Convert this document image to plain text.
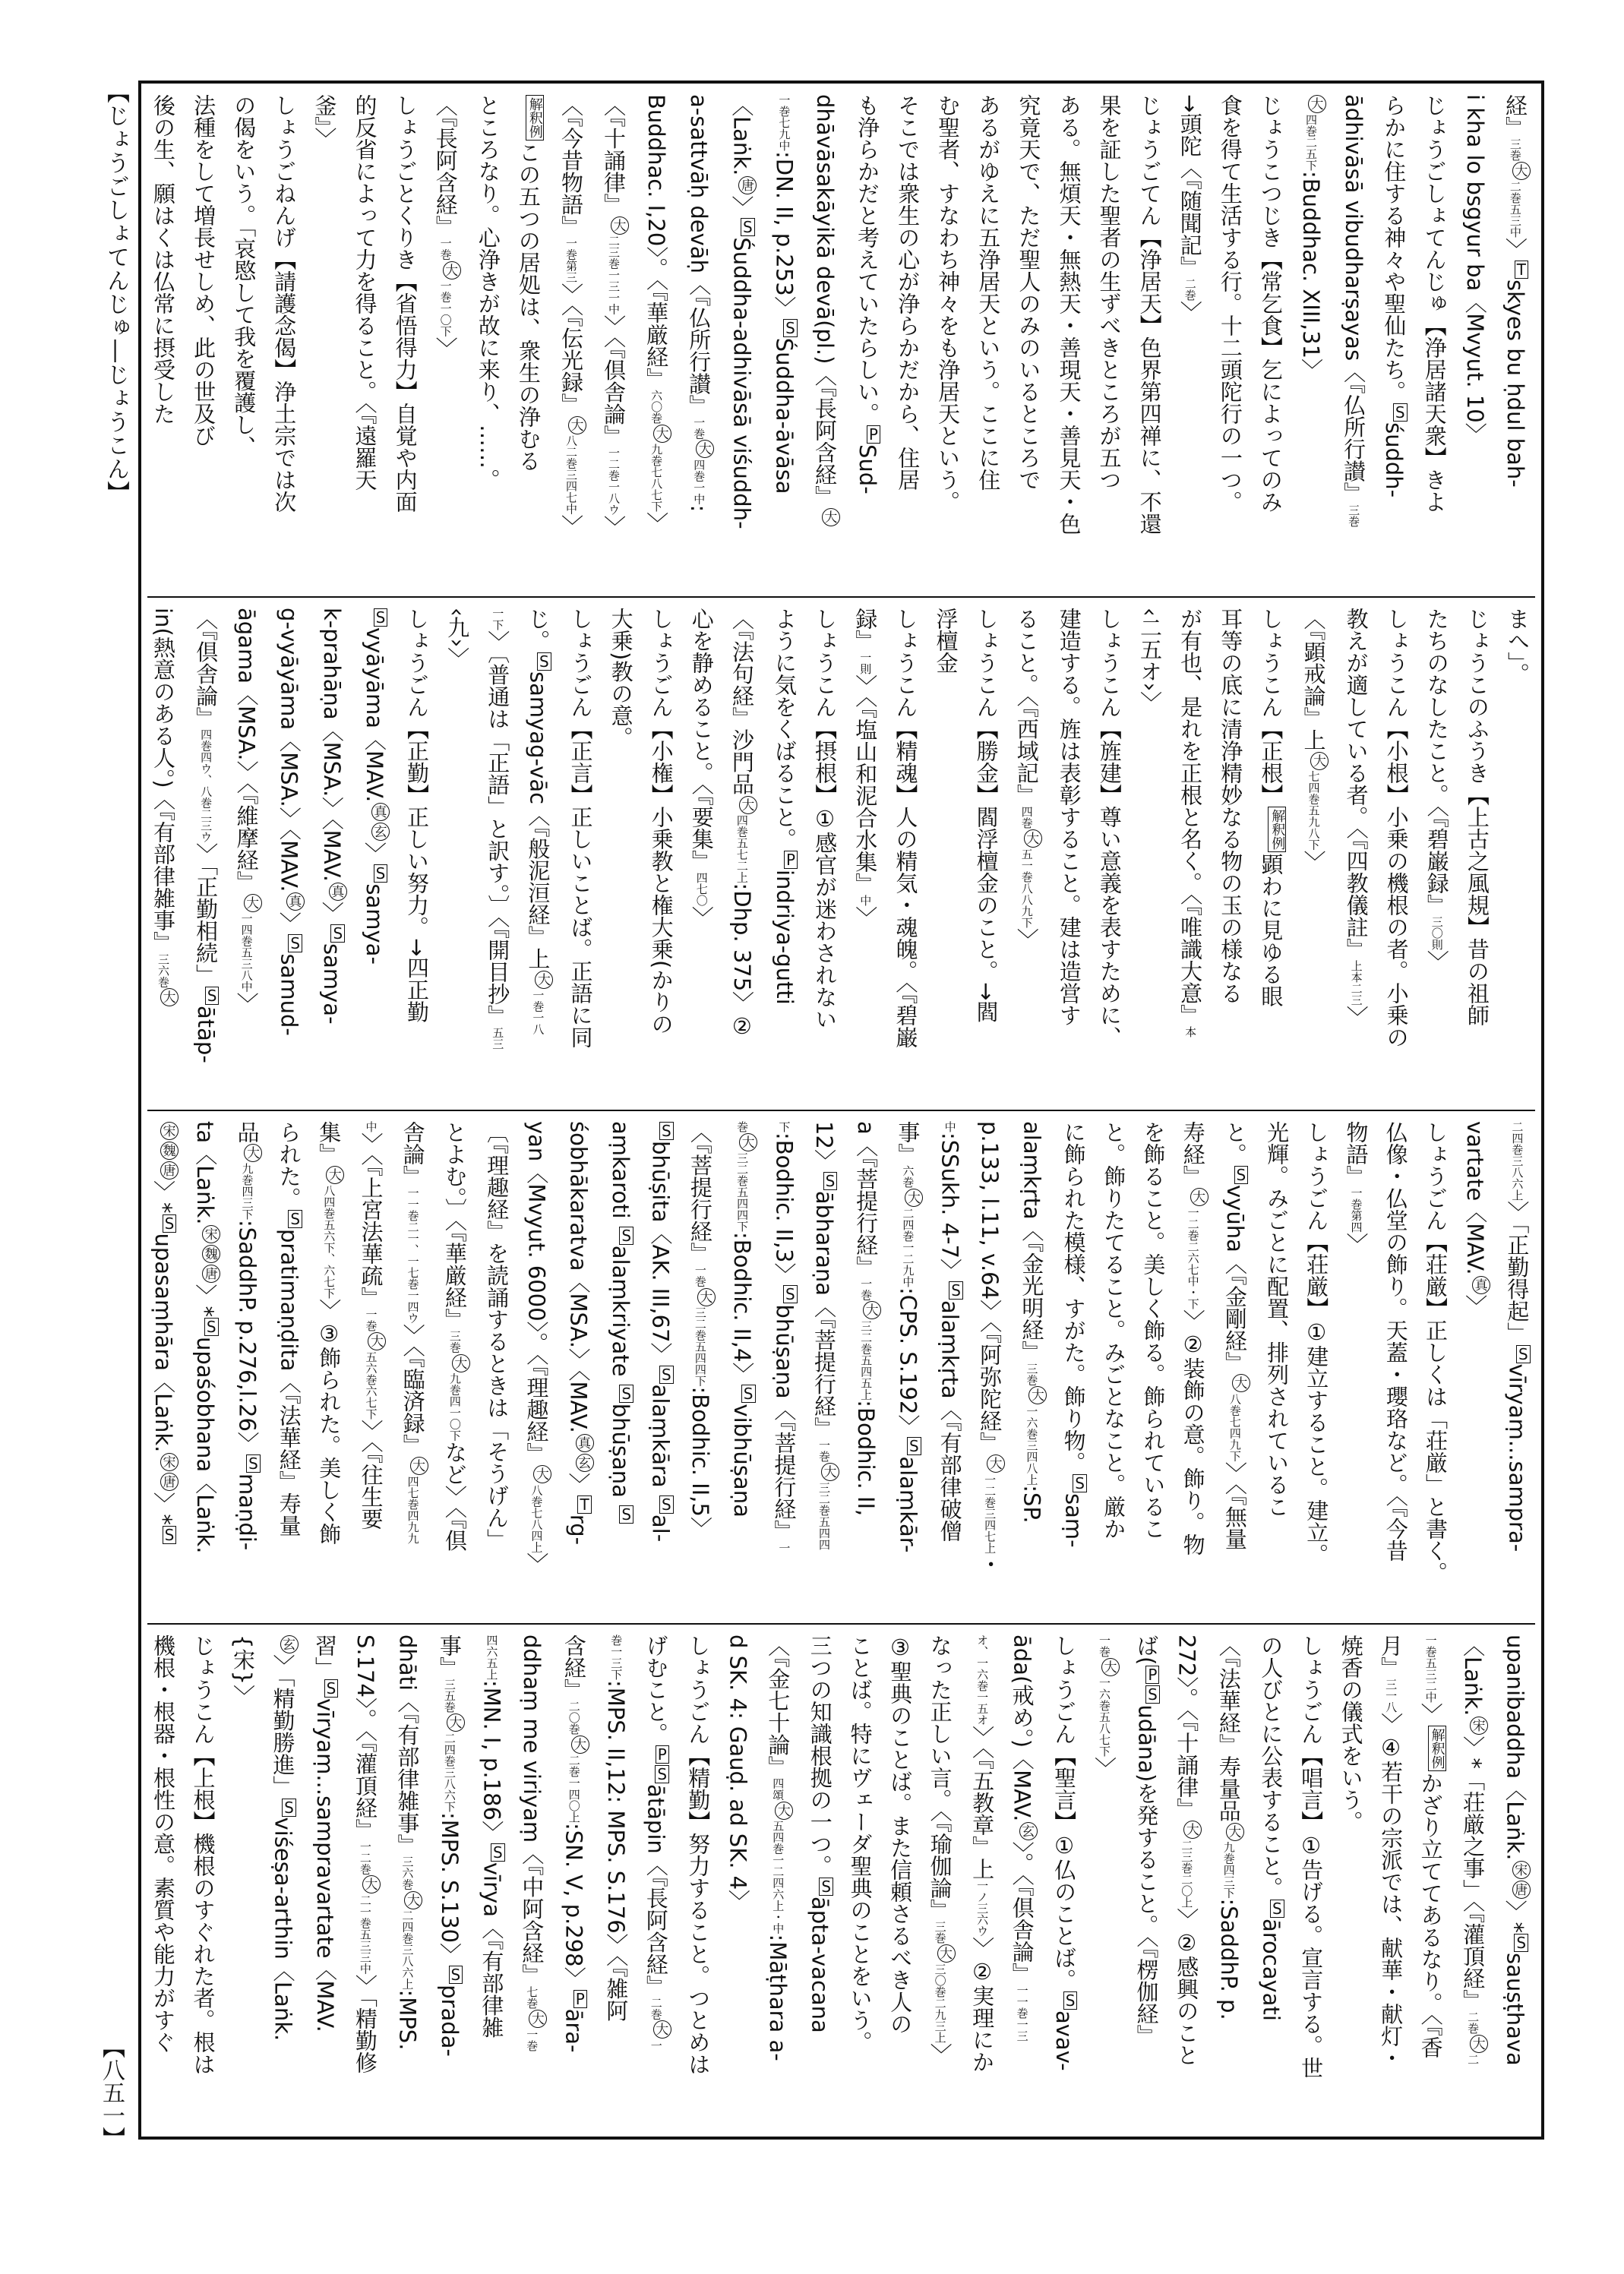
【じょうごしょてんじゅ―じょうこん】
【八五一】
経』三巻大二巻五三中〉Tskyes bu ḥdul bah-
i kha lo bsgyur ba〈Mvyut. 10〉
じょうごしょてんじゅ【浄居諸天衆】きよ
らかに住する神々や聖仙たち。Sśuddh-
ādhivāsā vibudharṣayas〈『仏所行讃』三巻
大四巻二五下:Buddhac. XIII,31〉
じょうこつじき【常乞食】乞によってのみ
食を得て生活する行。十二頭陀行の一つ。
→頭陀〈『随聞記』二巻〉
じょうごてん【浄居天】色界第四禅に、不還
果を証した聖者の生ずべきところが五つ
ある。無煩天・無熱天・善現天・善見天・色
究竟天で、ただ聖人のみのいるところで
あるがゆえに五浄居天という。ここに住
む聖者、すなわち神々をも浄居天という。
そこでは衆生の心が浄らかだから、住居
も浄らかだと考えていたらしい。PSud-
dhāvāsakāyikā devā(pl.)〈『長阿含経』大
一巻七九中:DN. II, p.253〉SŚuddha-āvāsa
〈Laṅk.唐〉SŚuddha-adhivāsā viśuddh-
a-sattvāḥ devāḥ〈『仏所行讃』一巻大四巻一中:
Buddhac. I,20〉。〈『華厳経』六〇巻大九巻七八七下〉
〈『十誦律』大二三巻一三一中〉〈『倶舎論』一二巻一八ウ〉
〈『今昔物語』一巻第三〉〈『伝光録』大八二巻三四七中〉
解釈例この五つの居処は、衆生の浄むる
ところなり。心浄きが故に来り、……。
〈『長阿含経』一巻大一巻一〇下〉
しょうごとくりき【省悟得力】自覚や内面
的反省によって力を得ること。〈『遠羅天
釜』〉
しょうごねんげ【請護念偈】浄土宗では次
の偈をいう。「哀愍して我を覆護し、
法種をして増長せしめ、此の世及び
後の生、願はくは仏常に摂受した
まへ」。
じょうこのふうき【上古之風規】昔の祖師
たちのなしたこと。〈『碧巌録』三〇則〉
しょうこん【小根】小乗の機根の者。小乗の
教えが適している者。〈『四教儀註』上本二三〉
〈『顕戒論』上大七四巻五九八下〉
しょうこん【正根】解釈例顕わに見ゆる眼
耳等の底に清浄精妙なる物の玉の様なる
が有也、是れを正根と名く。〈『唯識大意』本
‹二五オ›〉
しょうこん【旌建】尊い意義を表すために、
建造する。旌は表彰すること。建は造営す
ること。〈『西域記』四巻大五一巻八八九下〉
しょうこん【勝金】閻浮檀金のこと。→閻
浮檀金
しょうこん【精魂】人の精気・魂魄。〈『碧巌
録』一則〉〈『塩山和泥合水集』中〉
しょうこん【摂根】①感官が迷わされない
ように気をくばること。Pindriya-gutti
〈『法句経』沙門品大四巻五七二上:Dhp. 375〉②
心を静めること。〈『要集』四七〇〉
しょうごん【小権】小乗教と権大乗(かりの
大乗)教の意。
しょうごん【正言】正しいことば。正語に同
じ。Ssamyag-vāc〈『般泥洹経』上大一巻一八
一下〉〔普通は「正語」と訳す。〕〈『開目抄』五三
‹九›〉
しょうごん【正勤】正しい努力。→四正勤
Svyāyāma〈MAV.真玄〉Ssamya-
k-prahāṇa〈MSA.〉〈MAV.真〉Ssamya-
g-vyāyāma〈MSA.〉〈MAV.真〉Ssamud-
āgama〈MSA.〉〈『維摩経』大一四巻五三八中〉
〈『倶舎論』四巻四ウ、八巻二三ウ〉「正勤相続」Sātāp-
in(熱意のある人。)〈『有部律雑事』三六巻大
二四巻三八六上〉「正勤得起」Svīryaṃ...sampra-
vartate〈MAV.真〉
しょうごん【荘厳】正しくは「荘厳」と書く。
仏像・仏堂の飾り。天蓋・瓔珞など。〈『今昔
物語』一巻第四〉
しょうごん【荘厳】①建立すること。建立。
光輝。みごとに配置、排列されているこ
と。Svyūha〈『金剛経』大八巻七四九下〉〈『無量
寿経』大一二巻二六七中・下〉②装飾の意。飾り。物
を飾ること。美しく飾る。飾られているこ
と。飾りたてること。みごとなこと。厳か
に飾られた模様、すがた。飾り物。Ssaṃ-
alaṃkṛta〈『金光明経』三巻大一六巻三四八上:SP.
p.133, l.11, v.64〉〈『阿弥陀経』大一二巻三四七上・
中:SSukh. 4-7〉Salaṃkṛta〈『有部律破僧
事』六巻大二四巻一二九中:CPS. S.192〉Salaṃkār-
a〈『菩提行経』一巻大三二巻五四五上:Bodhic. II,
12〉Sābharaṇa〈『菩提行経』一巻大三二巻五四四
下:Bodhic. II,3〉Sbhūṣaṇa〈『菩提行経』一
巻大三二巻五四四下:Bodhic. II,4〉Svibhūṣaṇa
〈『菩提行経』一巻大三二巻五四四下:Bodhic. II,5〉
Sbhūṣita〈AK. III,67〉Salaṃkāra Sal-
aṃkaroti Salaṃkriyate Sbhūṣaṇa S
śobhākaratva〈MSA.〉〈MAV.真玄〉Trg-
yan〈Mvyut. 6000〉。〈『理趣経』大八巻七八四上〉
〔『理趣経』を読誦するときは「そうげん」
とよむ。〕〈『華厳経』三巻大九巻四一〇下など〉〈『倶
舎論』一一巻二一、一七巻一四ウ〉〈『臨済録』大四七巻四九九
中〉〈『上宮法華疏』一巻大五六巻六七下〉〈『往生要
集』大八四巻五六下、六七下〉③飾られた。美しく飾
られた。Spratimaṇḍita〈『法華経』寿量
品大九巻四三下:SaddhP. p.276,l.26〉Smaṇḍi-
ta〈Laṅk.宋魏唐〉*Supaśobhana〈Laṅk.
宋魏唐〉*Supasaṃhāra〈Laṅk.宋唐〉*S
upanibaddha〈Laṅk.宋唐〉*Ssauṣṭhava
〈Laṅk.宋〉*「荘厳之事」〈『灌頂経』二巻大二
一巻五三二中〉解釈例かざり立ててあるなり。〈『香
月』三一八〉④若干の宗派では、献華・献灯・
焼香の儀式をいう。
しょうごん【唱言】①告げる。宣言する。世
の人びとに公表すること。Sārocayati
〈『法華経』寿量品大九巻四三下:SaddhP. p.
272〉。〈『十誦律』大二三巻二〇上〉②感興のこと
ば(PSudāna)を発すること。〈『楞伽経』
一巻大一六巻五八七下〉
しょうごん【聖言】①仏のことば。Savav-
āda(戒め。)〈MAV.玄〉。〈『倶舎論』一一巻一三
オ、一六巻一五オ〉〈『五教章』上一ノ三六ウ〉②実理にか
なった正しい言。〈『瑜伽論』三巻大三〇巻二九三上〉
③聖典のことば。また信頼さるべき人の
ことば。特にヴェーダ聖典のことをいう。
三つの知識根拠の一つ。Sāpta-vacana
〈『金七十論』四頌大五四巻一二四六上・中:Māṭhara a-
d SK. 4: Gauḍ. ad SK. 4〉
しょうごん【精勤】努力すること。つとめは
げむこと。PSātāpin〈『長阿含経』二巻大一
巻一三下:MPS. II,12: MPS. S.176〉〈『雑阿
含経』二〇巻大二巻一四〇上:SN. V, p.298〉Pāra-
ddhaṃ me viriyaṃ〈『中阿含経』七巻大一巻
四六五上:MN. I, p.186〉Svīrya〈『有部律雑
事』三五巻大二四巻三八六下:MPS. S.130〉Sprada-
dhāti〈『有部律雑事』三六巻大二四巻三八六上:MPS.
S.174〉。〈『灌頂経』一二巻大二一巻五三三中〉「精勤修
習」Svīryaṃ...sampravartate〈MAV.
玄〉「精勤勝進」Sviśeṣa-arthin〈Laṅk.
{宋}〉
じょうこん【上根】機根のすぐれた者。根は
機根・根器・根性の意。素質や能力がすぐ
